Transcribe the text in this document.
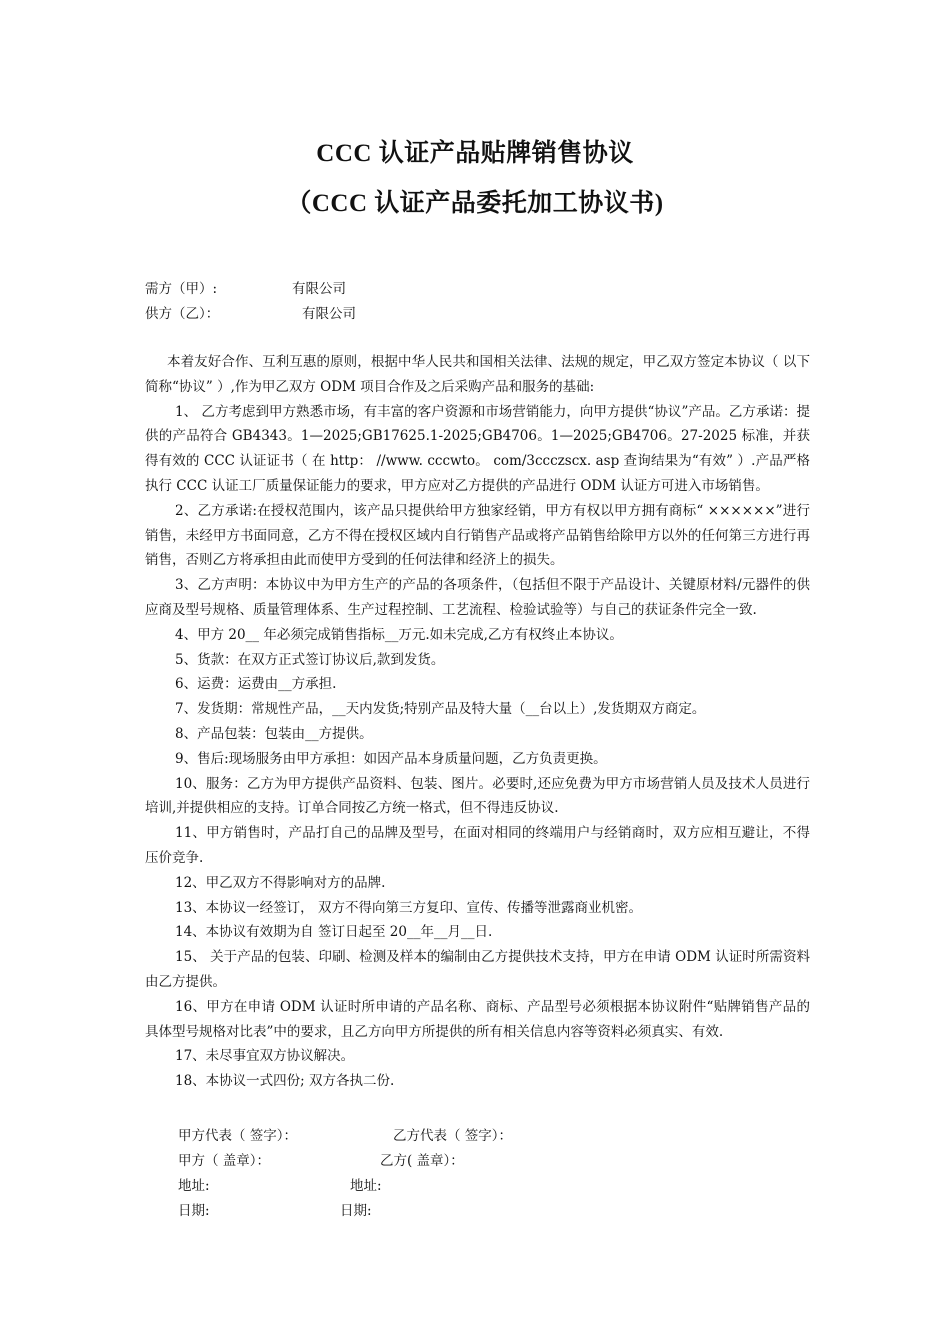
CCC 认证产品贴牌销售协议
（CCC 认证产品委托加工协议书)
需方（甲）:	有限公司
供方（乙）：	有限公司

本着友好合作、互利互惠的原则，根据中华人民共和国相关法律、法规的规定，甲乙双方签定本协议（ 以下简称“协议” ）,作为甲乙双方 ODM 项目合作及之后采购产品和服务的基础:

1、 乙方考虑到甲方熟悉市场，有丰富的客户资源和市场营销能力，向甲方提供“协议”产品。乙方承诺：提供的产品符合 GB4343。1—2025;GB17625.1-2025;GB4706。1—2025;GB4706。27-2025 标准，并获得有效的 CCC 认证证书（ 在 http： //www. cccwto。 com/3ccczscx. asp 查询结果为“有效” ）.产品严格执行 CCC 认证工厂质量保证能力的要求，甲方应对乙方提供的产品进行 ODM 认证方可进入市场销售。

2、乙方承诺:在授权范围内，该产品只提供给甲方独家经销，甲方有权以甲方拥有商标“ ××××××”进行销售，未经甲方书面同意，乙方不得在授权区域内自行销售产品或将产品销售给除甲方以外的任何第三方进行再销售，否则乙方将承担由此而使甲方受到的任何法律和经济上的损失。

3、乙方声明：本协议中为甲方生产的产品的各项条件，（包括但不限于产品设计、关键原材料/元器件的供应商及型号规格、质量管理体系、生产过程控制、工艺流程、检验试验等）与自己的获证条件完全一致.

4、甲方 20__ 年必须完成销售指标__万元.如未完成,乙方有权终止本协议。

5、货款：在双方正式签订协议后,款到发货。

6、运费：运费由__方承担.

7、发货期：常规性产品，__天内发货;特别产品及特大量（__台以上）,发货期双方商定。

8、产品包装：包装由__方提供。

9、售后:现场服务由甲方承担：如因产品本身质量问题，乙方负责更换。

10、服务：乙方为甲方提供产品资料、包装、图片。必要时,还应免费为甲方市场营销人员及技术人员进行培训,并提供相应的支持。订单合同按乙方统一格式，但不得违反协议.

11、甲方销售时，产品打自己的品牌及型号，在面对相同的终端用户与经销商时，双方应相互避让，不得压价竞争.

12、甲乙双方不得影响对方的品牌.

13、本协议一经签订， 双方不得向第三方复印、宣传、传播等泄露商业机密。

14、本协议有效期为自 签订日起至 20__年__月__日.

15、 关于产品的包装、印刷、检测及样本的编制由乙方提供技术支持，甲方在申请 ODM 认证时所需资料由乙方提供。

16、甲方在申请 ODM 认证时所申请的产品名称、商标、产品型号必须根据本协议附件“贴牌销售产品的具体型号规格对比表”中的要求，且乙方向甲方所提供的所有相关信息内容等资料必须真实、有效.

17、未尽事宜双方协议解决。

18、本协议一式四份; 双方各执二份.

甲方代表（ 签字）：	乙方代表（ 签字）：
甲方（ 盖章）：	乙方( 盖章）：
地址:	地址:
日期:	日期:
